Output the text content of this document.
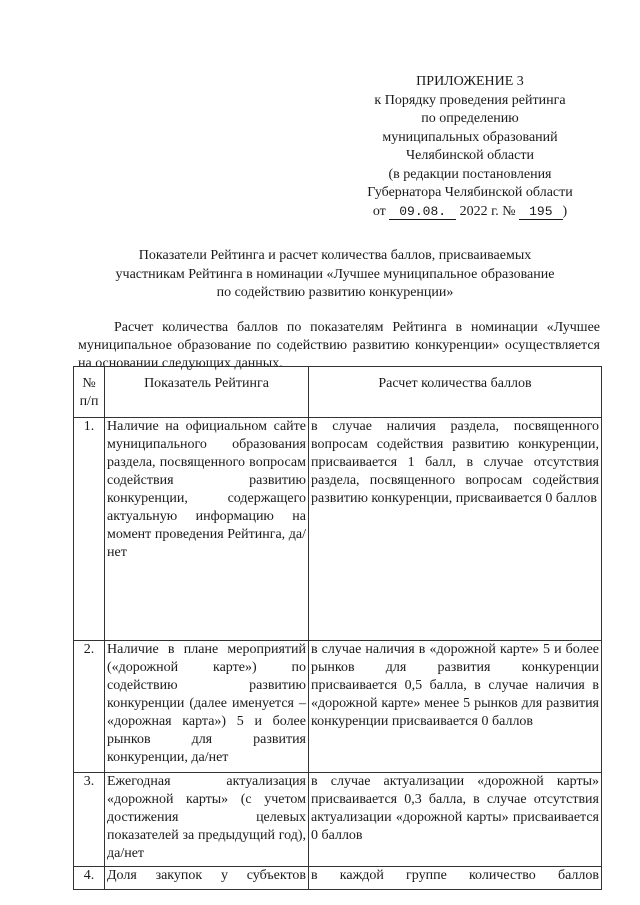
ПРИЛОЖЕНИЕ 3
к Порядку проведения рейтинга
по определению
муниципальных образований
Челябинской области
(в редакции постановления
Губернатора Челябинской области
от 09.08. 2022 г. № 195 )
Показатели Рейтинга и расчет количества баллов, присваиваемых
участникам Рейтинга в номинации «Лучшее муниципальное образование
по содействию развитию конкуренции»

Расчет количества баллов по показателям Рейтинга в номинации «Лучшее муниципальное образование по содействию развитию конкуренции» осуществляется на основании следующих данных.

№ п/п	Показатель Рейтинга	Расчет количества баллов
1.	Наличие на официальном сайте муниципального образования раздела, посвященного вопросам содействия развитию конкуренции, содержащего актуальную информацию на момент проведения Рейтинга, да/нет	в случае наличия раздела, посвященного вопросам содействия развитию конкуренции, присваивается 1 балл, в случае отсутствия раздела, посвященного вопросам содействия развитию конкуренции, присваивается 0 баллов
2.	Наличие в плане мероприятий («дорожной карте») по содействию развитию конкуренции (далее именуется – «дорожная карта») 5 и более рынков для развития конкуренции, да/нет	в случае наличия в «дорожной карте» 5 и более рынков для развития конкуренции присваивается 0,5 балла, в случае наличия в «дорожной карте» менее 5 рынков для развития конкуренции присваивается 0 баллов
3.	Ежегодная актуализация «дорожной карты» (с учетом достижения целевых показателей за предыдущий год), да/нет	в случае актуализации «дорожной карты» присваивается 0,3 балла, в случае отсутствия актуализации «дорожной карты» присваивается 0 баллов
4.	Доля закупок у субъектов	в каждой группе количество баллов
